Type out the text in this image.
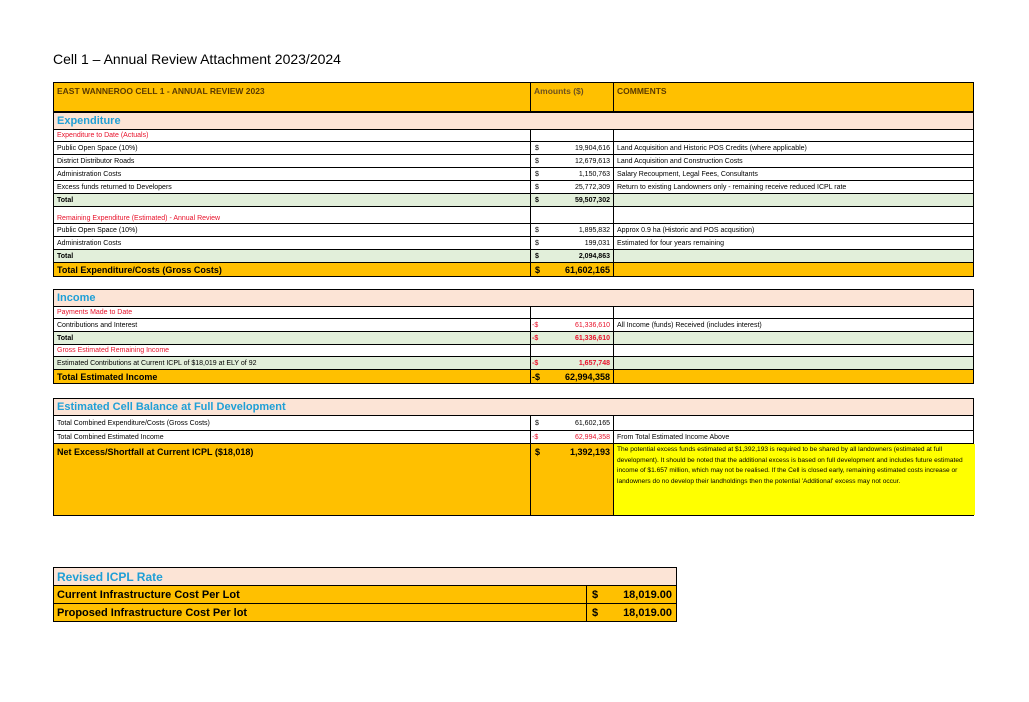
Cell 1 – Annual Review Attachment 2023/2024
EAST WANNEROO CELL 1 - ANNUAL REVIEW 2023	Amounts ($)	COMMENTS
Expenditure
Expenditure to Date (Actuals)
Public Open Space (10%)	$	19,904,616	Land Acquisition and Historic POS Credits (where applicable)
District Distributor Roads	$	12,679,613	Land Acquisition and Construction Costs
Administration Costs	$	1,150,763	Salary Recoupment, Legal Fees, Consultants
Excess funds returned to Developers	$	25,772,309	Return to existing Landowners only - remaining receive reduced ICPL rate
Total	$	59,507,302
Remaining Expenditure (Estimated) - Annual Review
Public Open Space (10%)	$	1,895,832	Approx 0.9 ha (Historic and POS acqusition)
Administration Costs	$	199,031	Estimated for four years remaining
Total	$	2,094,863
Total Expenditure/Costs (Gross Costs)	$	61,602,165
Income
Payments Made to Date
Contributions and Interest	-$	61,336,610	All Income (funds) Received (includes interest)
Total	-$	61,336,610
Gross Estimated Remaining Income
Estimated Contributions at Current ICPL of $18,019 at ELY of 92	-$	1,657,748
Total Estimated Income	-$	62,994,358
Estimated Cell Balance at Full Development
Total Combined Expenditure/Costs (Gross Costs)	$	61,602,165
Total Combined Estimated Income	-$	62,994,358	From Total Estimated Income Above
Net Excess/Shortfall at Current ICPL ($18,018)	$	1,392,193	The potential excess funds estimated at $1,392,193 is required to be shared by all landowners (estimated at full development). It should be noted that the additional excess is based on full development and includes future estimated income of $1.657 million, which may not be realised. If the Cell is closed early, remaining estimated costs increase or landowners do no develop their landholdings then the potential 'Additional' excess may not occur.
Revised ICPL Rate
Current Infrastructure Cost Per Lot	$ 18,019.00
Proposed Infrastructure Cost Per lot	$ 18,019.00
